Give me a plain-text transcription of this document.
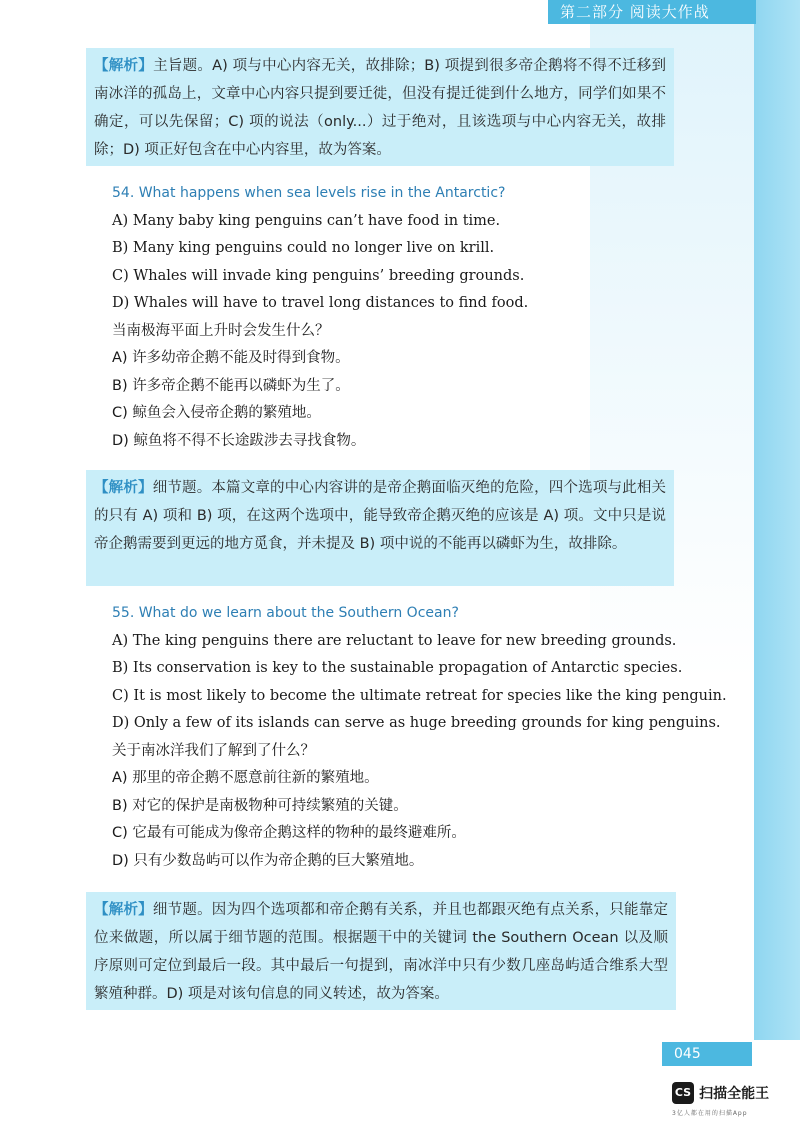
第二部分 阅读大作战
【解析】主旨题。A) 项与中心内容无关，故排除；B) 项提到很多帝企鹅将不得不迁移到南冰洋的孤岛上，文章中心内容只提到要迁徙，但没有提迁徙到什么地方，同学们如果不确定，可以先保留；C) 项的说法（only...）过于绝对，且该选项与中心内容无关，故排除；D) 项正好包含在中心内容里，故为答案。
54. What happens when sea levels rise in the Antarctic?
A) Many baby king penguins can’t have food in time.
B) Many king penguins could no longer live on krill.
C) Whales will invade king penguins’ breeding grounds.
D) Whales will have to travel long distances to find food.
当南极海平面上升时会发生什么？
A) 许多幼帝企鹅不能及时得到食物。
B) 许多帝企鹅不能再以磷虾为生了。
C) 鲸鱼会入侵帝企鹅的繁殖地。
D) 鲸鱼将不得不长途跋涉去寻找食物。
【解析】细节题。本篇文章的中心内容讲的是帝企鹅面临灭绝的危险，四个选项与此相关的只有 A) 项和 B) 项，在这两个选项中，能导致帝企鹅灭绝的应该是 A) 项。文中只是说帝企鹅需要到更远的地方觅食，并未提及 B) 项中说的不能再以磷虾为生，故排除。
55. What do we learn about the Southern Ocean?
A) The king penguins there are reluctant to leave for new breeding grounds.
B) Its conservation is key to the sustainable propagation of Antarctic species.
C) It is most likely to become the ultimate retreat for species like the king penguin.
D) Only a few of its islands can serve as huge breeding grounds for king penguins.
关于南冰洋我们了解到了什么？
A) 那里的帝企鹅不愿意前往新的繁殖地。
B) 对它的保护是南极物种可持续繁殖的关键。
C) 它最有可能成为像帝企鹅这样的物种的最终避难所。
D) 只有少数岛屿可以作为帝企鹅的巨大繁殖地。
【解析】细节题。因为四个选项都和帝企鹅有关系，并且也都跟灭绝有点关系，只能靠定位来做题，所以属于细节题的范围。根据题干中的关键词 the Southern Ocean 以及顺序原则可定位到最后一段。其中最后一句提到，南冰洋中只有少数几座岛屿适合维系大型繁殖种群。D) 项是对该句信息的同义转述，故为答案。
045
CS 扫描全能王
3亿人都在用的扫描App
